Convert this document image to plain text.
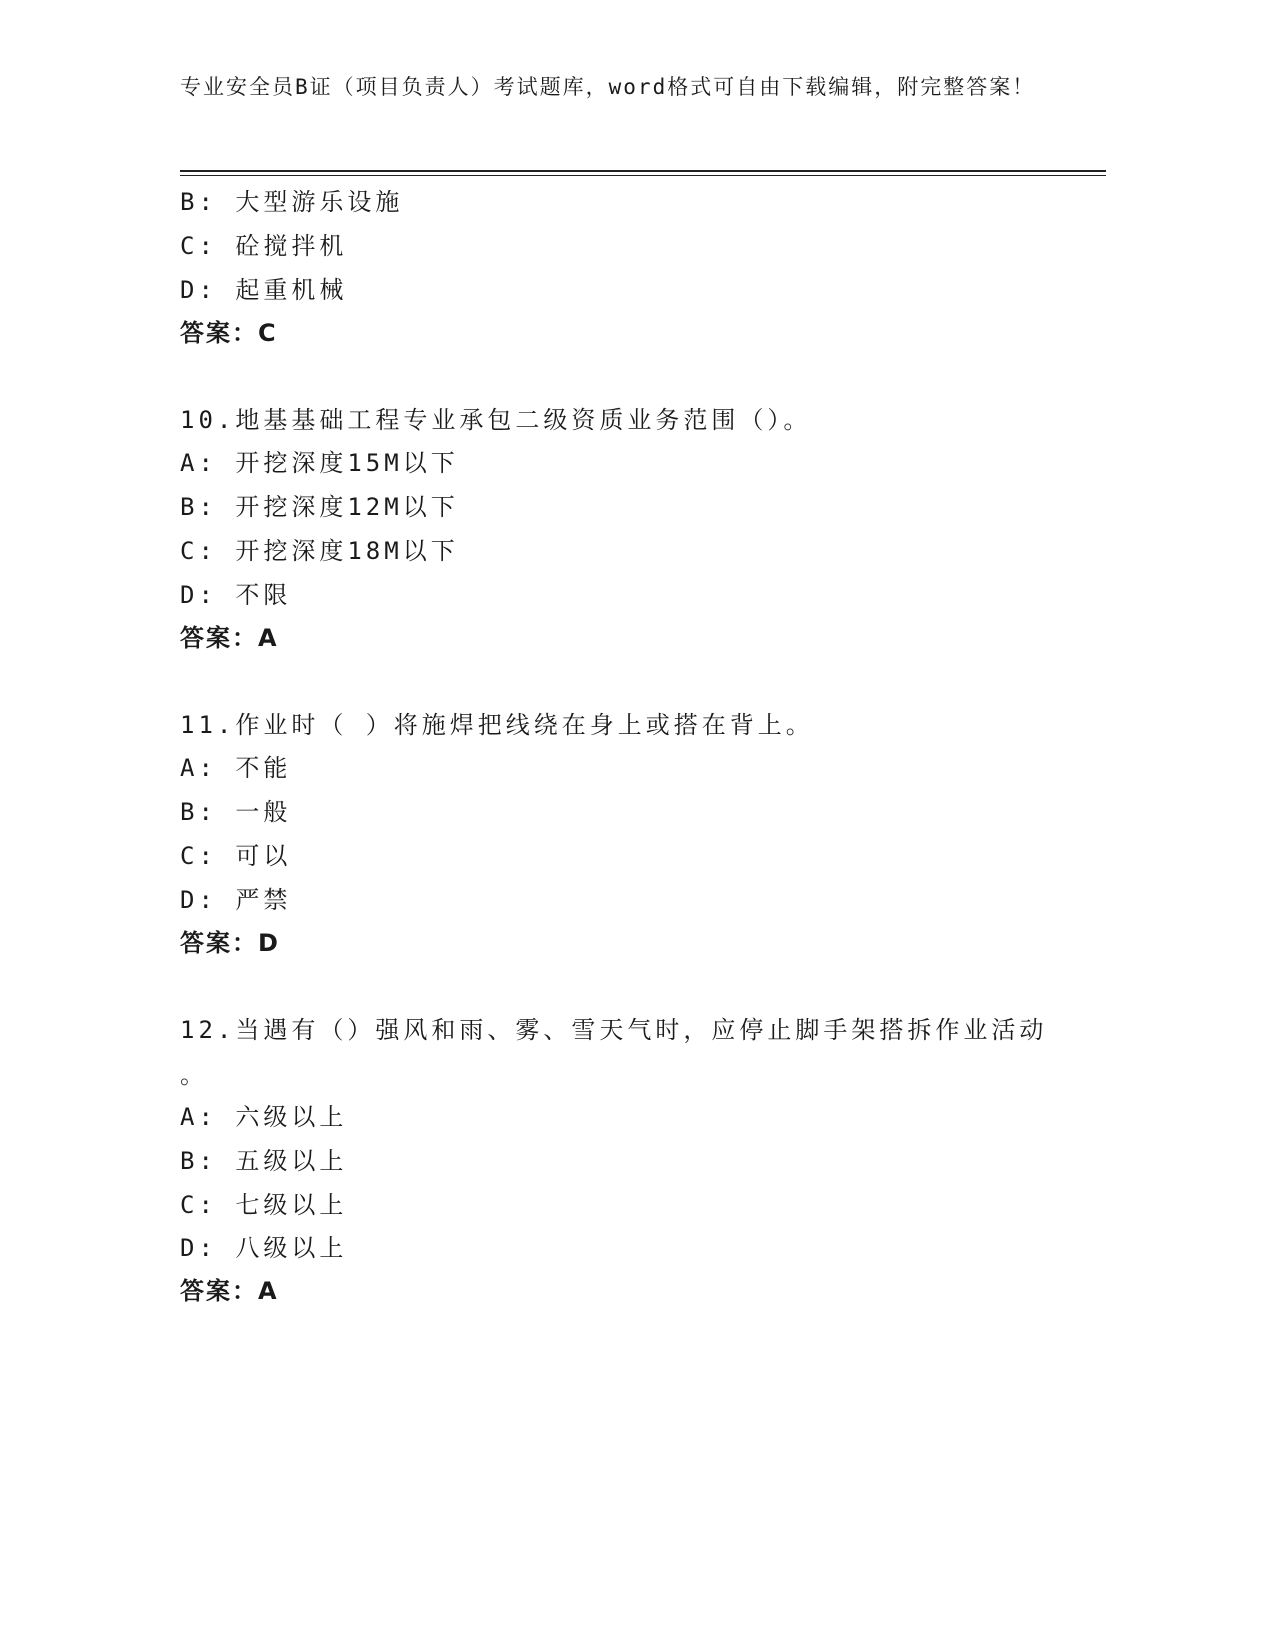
专业安全员B证（项目负责人）考试题库，word格式可自由下载编辑，附完整答案！
B: 大型游乐设施
C: 砼搅拌机
D: 起重机械
答案：C
10.地基基础工程专业承包二级资质业务范围（）。
A: 开挖深度15M以下
B: 开挖深度12M以下
C: 开挖深度18M以下
D: 不限
答案：A
11.作业时（ ）将施焊把线绕在身上或搭在背上。
A: 不能
B: 一般
C: 可以
D: 严禁
答案：D
12.当遇有（）强风和雨、雾、雪天气时，应停止脚手架搭拆作业活动
。
A: 六级以上
B: 五级以上
C: 七级以上
D: 八级以上
答案：A
